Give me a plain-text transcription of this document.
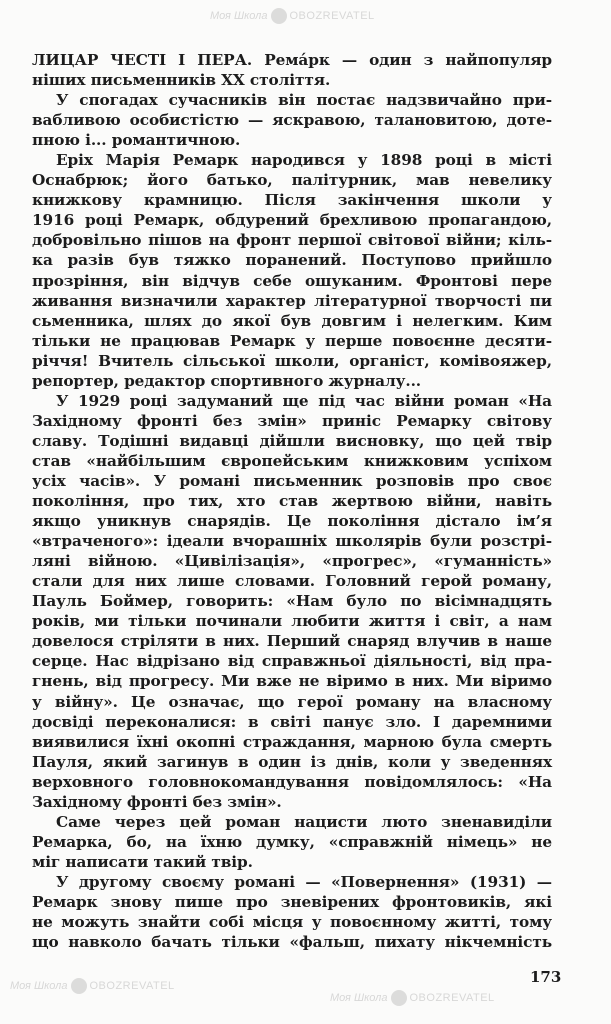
Моя Школа OBOZREVATEL
Моя Школа OBOZREVATEL
Моя Школа OBOZREVATEL
ЛИЦАР ЧЕСТІ І ПЕРА. Ремáрк — один з найпопуляр
ніших письменників XX століття.
У спогадах сучасників він постає надзвичайно при-
вабливою особистістю — яскравою, талановитою, доте-
пною і... романтичною.
Еріх Марія Ремарк народився у 1898 році в місті
Оснабрюк; його батько, палітурник, мав невелику
книжкову крамницю. Після закінчення школи у
1916 році Ремарк, обдурений брехливою пропагандою,
добровільно пішов на фронт першої світової війни; кіль-
ка разів був тяжко поранений. Поступово прийшло
прозріння, він відчув себе ошуканим. Фронтові пере
живання визначили характер літературної творчості пи
сьменника, шлях до якої був довгим і нелегким. Ким
тільки не працював Ремарк у перше повоєнне десяти-
річчя! Вчитель сільської школи, органіст, комівояжер,
репортер, редактор спортивного журналу...
У 1929 році задуманий ще під час війни роман «На
Західному фронті без змін» приніс Ремарку світову
славу. Тодішні видавці дійшли висновку, що цей твір
став «найбільшим європейським книжковим успіхом
усіх часів». У романі письменник розповів про своє
покоління, про тих, хто став жертвою війни, навіть
якщо уникнув снарядів. Це покоління дістало ім’я
«втраченого»: ідеали вчорашніх школярів були розстрі-
ляні війною. «Цивілізація», «прогрес», «гуманність»
стали для них лише словами. Головний герой роману,
Пауль Боймер, говорить: «Нам було по вісімнадцять
років, ми тільки починали любити життя і світ, а нам
довелося стріляти в них. Перший снаряд влучив в наше
серце. Нас відрізано від справжньої діяльності, від пра-
гнень, від прогресу. Ми вже не віримо в них. Ми віримо
у війну». Це означає, що герої роману на власному
досвіді переконалися: в світі панує зло. І даремними
виявилися їхні окопні страждання, марною була смерть
Пауля, який загинув в один із днів, коли у зведеннях
верховного головнокомандування повідомлялось: «На
Західному фронті без змін».
Саме через цей роман нацисти люто зненавиділи
Ремарка, бо, на їхню думку, «справжній німець» не
міг написати такий твір.
У другому своєму романі — «Повернення» (1931) —
Ремарк знову пише про зневірених фронтовиків, які
не можуть знайти собі місця у повоєнному житті, тому
що навколо бачать тільки «фальш, пихату нікчемність
173
